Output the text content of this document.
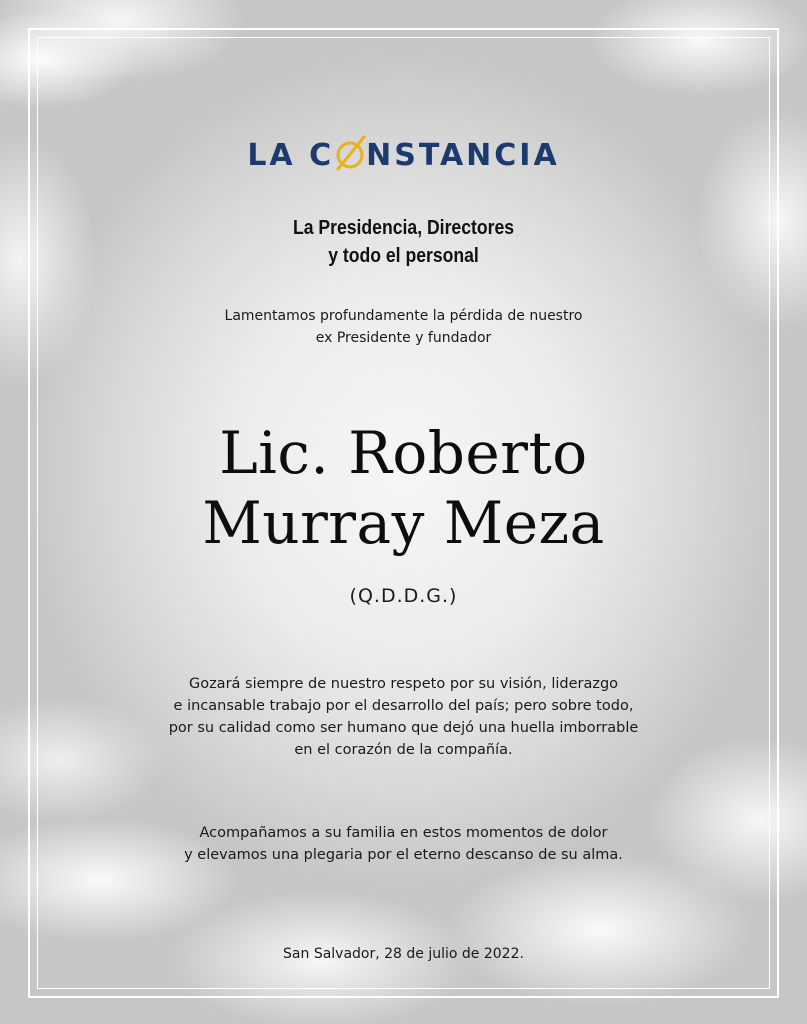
LA C NSTANCIA
La Presidencia, Directores
y todo el personal
Lamentamos profundamente la pérdida de nuestro
ex Presidente y fundador
Lic. Roberto
Murray Meza
(Q.D.D.G.)
Gozará siempre de nuestro respeto por su visión, liderazgo
e incansable trabajo por el desarrollo del país; pero sobre todo,
por su calidad como ser humano que dejó una huella imborrable
en el corazón de la compañía.
Acompañamos a su familia en estos momentos de dolor
y elevamos una plegaria por el eterno descanso de su alma.
San Salvador, 28 de julio de 2022.
